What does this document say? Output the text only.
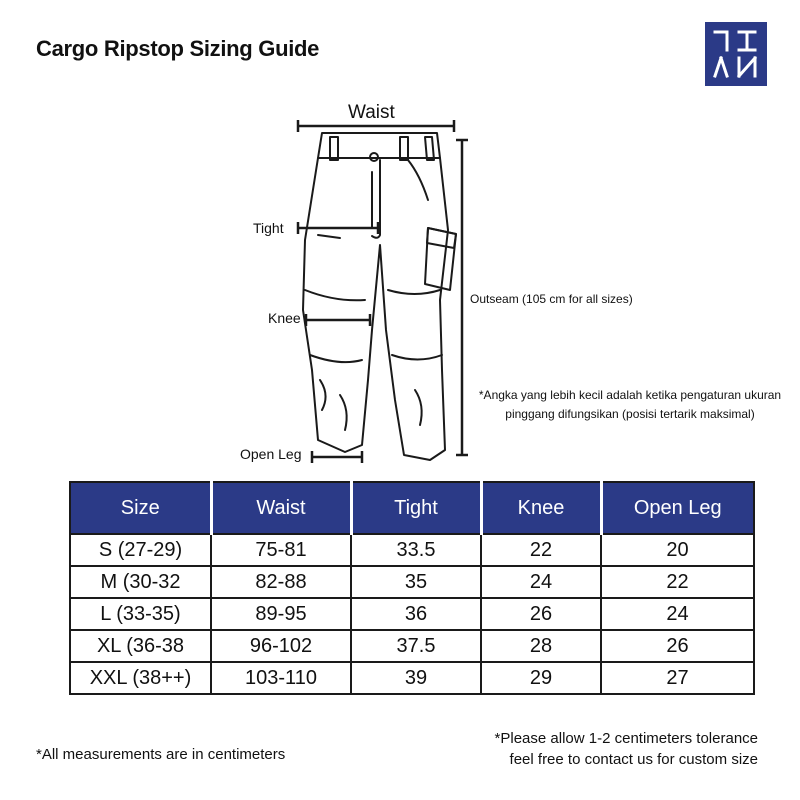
Cargo Ripstop Sizing Guide
Waist
Tight
Knee
Open Leg
Outseam (105 cm for all sizes)
*Angka yang lebih kecil adalah ketika pengaturan ukuran pinggang difungsikan (posisi tertarik maksimal)
Size	Waist	Tight	Knee	Open Leg
S (27-29)	75-81	33.5	22	20
M (30-32	82-88	35	24	22
L (33-35)	89-95	36	26	24
XL (36-38	96-102	37.5	28	26
XXL (38++)	103-110	39	29	27
*All measurements are in centimeters
*Please allow 1-2 centimeters tolerance
feel free to contact us for custom size
